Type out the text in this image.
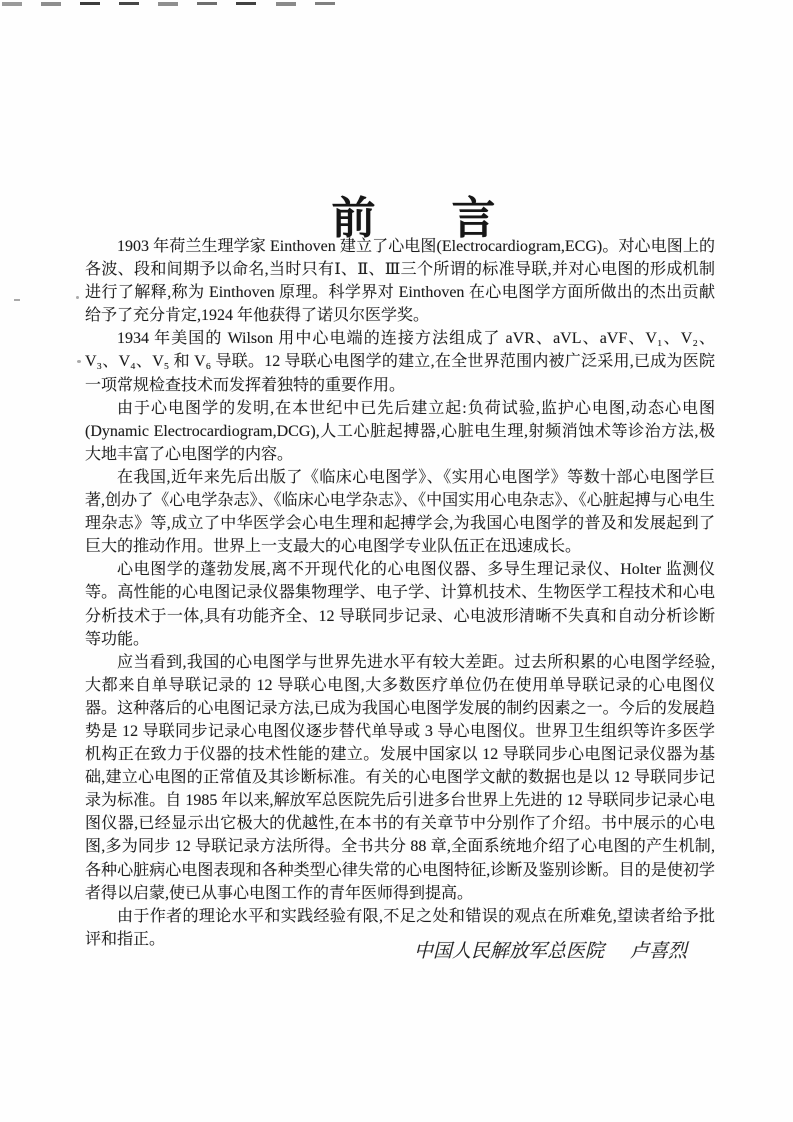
前 言

1903 年荷兰生理学家 Einthoven 建立了心电图(Electrocardiogram,ECG)。对心电图上的各波、段和间期予以命名,当时只有Ⅰ、Ⅱ、Ⅲ三个所谓的标准导联,并对心电图的形成机制进行了解释,称为 Einthoven 原理。科学界对 Einthoven 在心电图学方面所做出的杰出贡献给予了充分肯定,1924 年他获得了诺贝尔医学奖。

1934 年美国的 Wilson 用中心电端的连接方法组成了 aVR、aVL、aVF、V₁、V₂、V₃、V₄、V₅ 和 V₆ 导联。12 导联心电图学的建立,在全世界范围内被广泛采用,已成为医院一项常规检查技术而发挥着独特的重要作用。

由于心电图学的发明,在本世纪中已先后建立起:负荷试验,监护心电图,动态心电图(Dynamic Electrocardiogram,DCG),人工心脏起搏器,心脏电生理,射频消蚀术等诊治方法,极大地丰富了心电图学的内容。

在我国,近年来先后出版了《临床心电图学》、《实用心电图学》等数十部心电图学巨著,创办了《心电学杂志》、《临床心电学杂志》、《中国实用心电杂志》、《心脏起搏与心电生理杂志》等,成立了中华医学会心电生理和起搏学会,为我国心电图学的普及和发展起到了巨大的推动作用。世界上一支最大的心电图学专业队伍正在迅速成长。

心电图学的蓬勃发展,离不开现代化的心电图仪器、多导生理记录仪、Holter 监测仪等。高性能的心电图记录仪器集物理学、电子学、计算机技术、生物医学工程技术和心电分析技术于一体,具有功能齐全、12 导联同步记录、心电波形清晰不失真和自动分析诊断等功能。

应当看到,我国的心电图学与世界先进水平有较大差距。过去所积累的心电图学经验,大都来自单导联记录的 12 导联心电图,大多数医疗单位仍在使用单导联记录的心电图仪器。这种落后的心电图记录方法,已成为我国心电图学发展的制约因素之一。今后的发展趋势是 12 导联同步记录心电图仪逐步替代单导或 3 导心电图仪。世界卫生组织等许多医学机构正在致力于仪器的技术性能的建立。发展中国家以 12 导联同步心电图记录仪器为基础,建立心电图的正常值及其诊断标准。有关的心电图学文献的数据也是以 12 导联同步记录为标准。自 1985 年以来,解放军总医院先后引进多台世界上先进的 12 导联同步记录心电图仪器,已经显示出它极大的优越性,在本书的有关章节中分别作了介绍。书中展示的心电图,多为同步 12 导联记录方法所得。全书共分 88 章,全面系统地介绍了心电图的产生机制,各种心脏病心电图表现和各种类型心律失常的心电图特征,诊断及鉴别诊断。目的是使初学者得以启蒙,使已从事心电图工作的青年医师得到提高。

由于作者的理论水平和实践经验有限,不足之处和错误的观点在所难免,望读者给予批评和指正。

中国人民解放军总医院 卢喜烈
